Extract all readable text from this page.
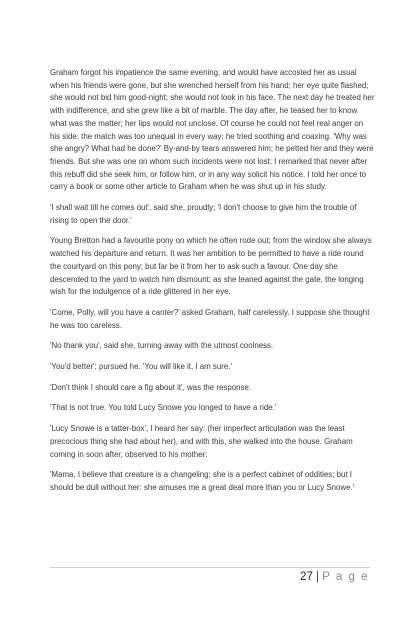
Graham forgot his impatience the same evening, and would have accosted her as usual when his friends were gone, but she wrenched herself from his hand; her eye quite flashed; she would not bid him good-night; she would not look in his face. The next day he treated her with indifference, and she grew like a bit of marble. The day after, he teased her to know what was the matter; her lips would not unclose. Of course he could not feel real anger on his side: the match was too unequal in every way; he tried soothing and coaxing. 'Why was she angry? What had he done?' By-and-by tears answered him; he petted her and they were friends. But she was one on whom such incidents were not lost: I remarked that never after this rebuff did she seek him, or follow him, or in any way solicit his notice. I told her once to carry a book or some other article to Graham when he was shut up in his study.

'I shall wait till he comes out', said she, proudly; 'I don't choose to give him the trouble of rising to open the door.'

Young Bretton had a favourite pony on which he often rode out; from the window she always watched his departure and return. It was her ambition to be permitted to have a ride round the courtyard on this pony; but far be it from her to ask such a favour. One day she descended to the yard to watch him dismount; as she leaned against the gate, the longing wish for the indulgence of a ride glittered in her eye.

'Come, Polly, will you have a canter?' asked Graham, half carelessly. I suppose she thought he was too careless.

'No thank you', said she, turning away with the utmost coolness.

'You'd better'; pursued he. 'You will like it, I am sure.'

'Don't think I should care a fig about it', was the response.

'That is not true. You told Lucy Snowe you longed to have a ride.'

'Lucy Snowe is a tatter-box', I heard her say: (her imperfect articulation was the least precocious thing she had about her), and with this, she walked into the house. Graham coming in soon after, observed to his mother:

'Mama, I believe that creature is a changeling: she is a perfect cabinet of oddities; but I should be dull without her: she amuses me a great deal more than you or Lucy Snowe.'

27 | P a g e
